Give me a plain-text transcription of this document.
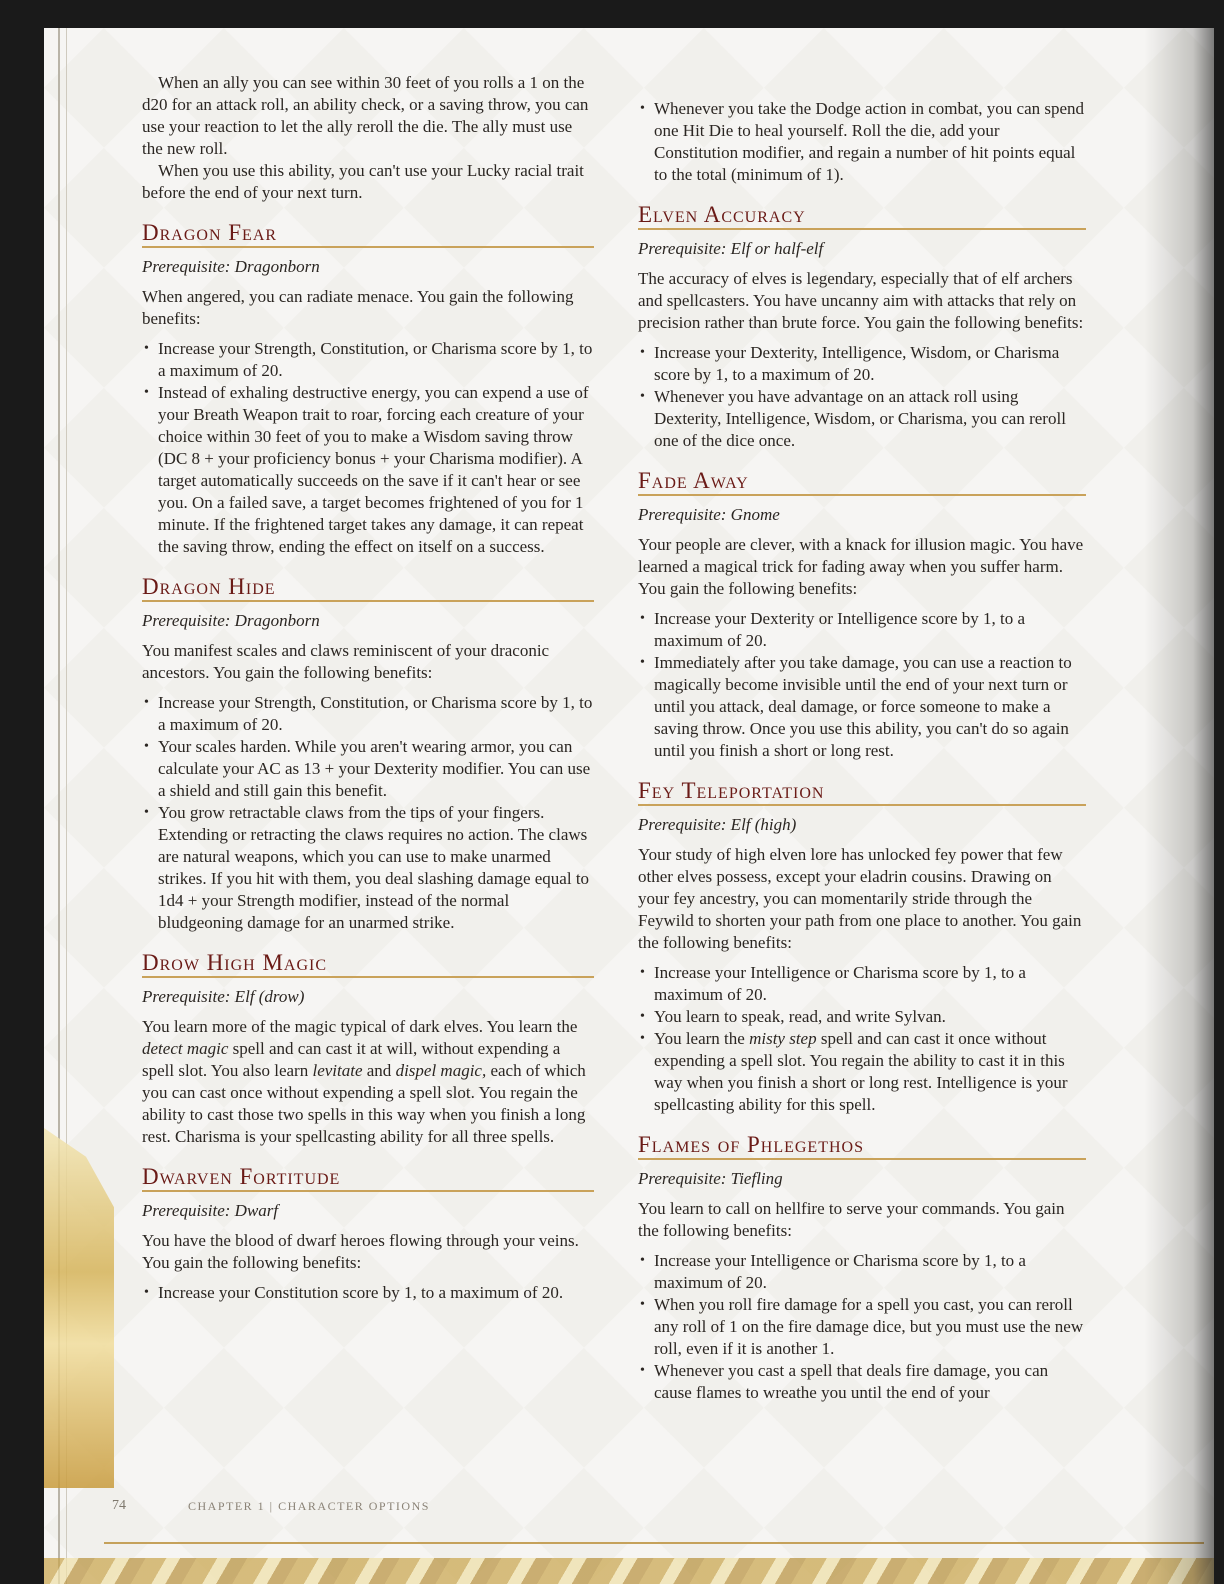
When an ally you can see within 30 feet of you rolls a 1 on the d20 for an attack roll, an ability check, or a saving throw, you can use your reaction to let the ally reroll the die. The ally must use the new roll.

When you use this ability, you can't use your Lucky racial trait before the end of your next turn.

Dragon Fear

Prerequisite: Dragonborn

When angered, you can radiate menace. You gain the following benefits:

• Increase your Strength, Constitution, or Charisma score by 1, to a maximum of 20.
• Instead of exhaling destructive energy, you can expend a use of your Breath Weapon trait to roar, forcing each creature of your choice within 30 feet of you to make a Wisdom saving throw (DC 8 + your proficiency bonus + your Charisma modifier). A target automatically succeeds on the save if it can't hear or see you. On a failed save, a target becomes frightened of you for 1 minute. If the frightened target takes any damage, it can repeat the saving throw, ending the effect on itself on a success.
Dragon Hide

Prerequisite: Dragonborn

You manifest scales and claws reminiscent of your draconic ancestors. You gain the following benefits:

• Increase your Strength, Constitution, or Charisma score by 1, to a maximum of 20.
• Your scales harden. While you aren't wearing armor, you can calculate your AC as 13 + your Dexterity modifier. You can use a shield and still gain this benefit.
• You grow retractable claws from the tips of your fingers. Extending or retracting the claws requires no action. The claws are natural weapons, which you can use to make unarmed strikes. If you hit with them, you deal slashing damage equal to 1d4 + your Strength modifier, instead of the normal bludgeoning damage for an unarmed strike.
Drow High Magic

Prerequisite: Elf (drow)

You learn more of the magic typical of dark elves. You learn the detect magic spell and can cast it at will, without expending a spell slot. You also learn levitate and dispel magic, each of which you can cast once without expending a spell slot. You regain the ability to cast those two spells in this way when you finish a long rest. Charisma is your spellcasting ability for all three spells.

Dwarven Fortitude

Prerequisite: Dwarf

You have the blood of dwarf heroes flowing through your veins. You gain the following benefits:

• Increase your Constitution score by 1, to a maximum of 20.
• Whenever you take the Dodge action in combat, you can spend one Hit Die to heal yourself. Roll the die, add your Constitution modifier, and regain a number of hit points equal to the total (minimum of 1).
Elven Accuracy

Prerequisite: Elf or half-elf

The accuracy of elves is legendary, especially that of elf archers and spellcasters. You have uncanny aim with attacks that rely on precision rather than brute force. You gain the following benefits:

• Increase your Dexterity, Intelligence, Wisdom, or Charisma score by 1, to a maximum of 20.
• Whenever you have advantage on an attack roll using Dexterity, Intelligence, Wisdom, or Charisma, you can reroll one of the dice once.
Fade Away

Prerequisite: Gnome

Your people are clever, with a knack for illusion magic. You have learned a magical trick for fading away when you suffer harm. You gain the following benefits:

• Increase your Dexterity or Intelligence score by 1, to a maximum of 20.
• Immediately after you take damage, you can use a reaction to magically become invisible until the end of your next turn or until you attack, deal damage, or force someone to make a saving throw. Once you use this ability, you can't do so again until you finish a short or long rest.
Fey Teleportation

Prerequisite: Elf (high)

Your study of high elven lore has unlocked fey power that few other elves possess, except your eladrin cousins. Drawing on your fey ancestry, you can momentarily stride through the Feywild to shorten your path from one place to another. You gain the following benefits:

• Increase your Intelligence or Charisma score by 1, to a maximum of 20.
• You learn to speak, read, and write Sylvan.
• You learn the misty step spell and can cast it once without expending a spell slot. You regain the ability to cast it in this way when you finish a short or long rest. Intelligence is your spellcasting ability for this spell.
Flames of Phlegethos

Prerequisite: Tiefling

You learn to call on hellfire to serve your commands. You gain the following benefits:

• Increase your Intelligence or Charisma score by 1, to a maximum of 20.
• When you roll fire damage for a spell you cast, you can reroll any roll of 1 on the fire damage dice, but you must use the new roll, even if it is another 1.
• Whenever you cast a spell that deals fire damage, you can cause flames to wreathe you until the end of your
74	CHAPTER 1 | CHARACTER OPTIONS
